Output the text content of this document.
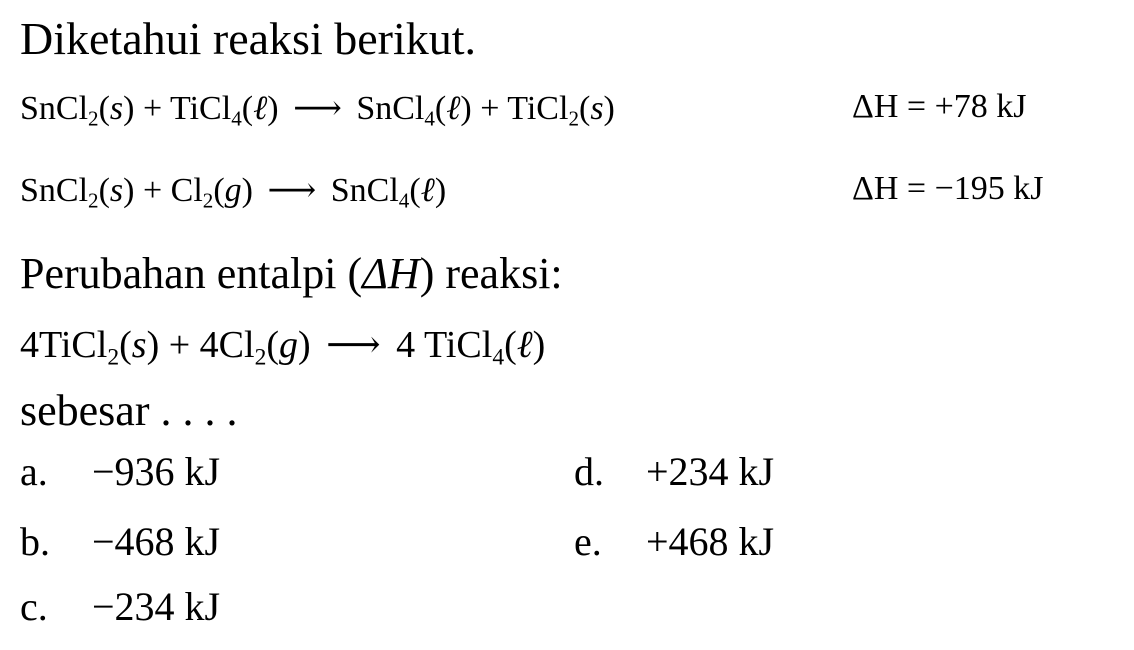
Diketahui reaksi berikut.
SnCl$_2$(s) + TiCl$_4$(ℓ) ⟶ SnCl$_4$(ℓ) + TiCl$_2$(s)	ΔH = +78 kJ
SnCl$_2$(s) + $Cl_2(g)$ ⟶ SnCl$_4$(ℓ)	ΔH = −195 kJ
Perubahan entalpi (ΔH) reaksi:
4TiCl$_2$(s) + $4Cl_2(g)$ ⟶ 4 TiCl$_4$(ℓ)
sebesar . . . .
a. −936 kJ
b. −468 kJ
c. −234 kJ
d. +234 kJ
e. +468 kJ
